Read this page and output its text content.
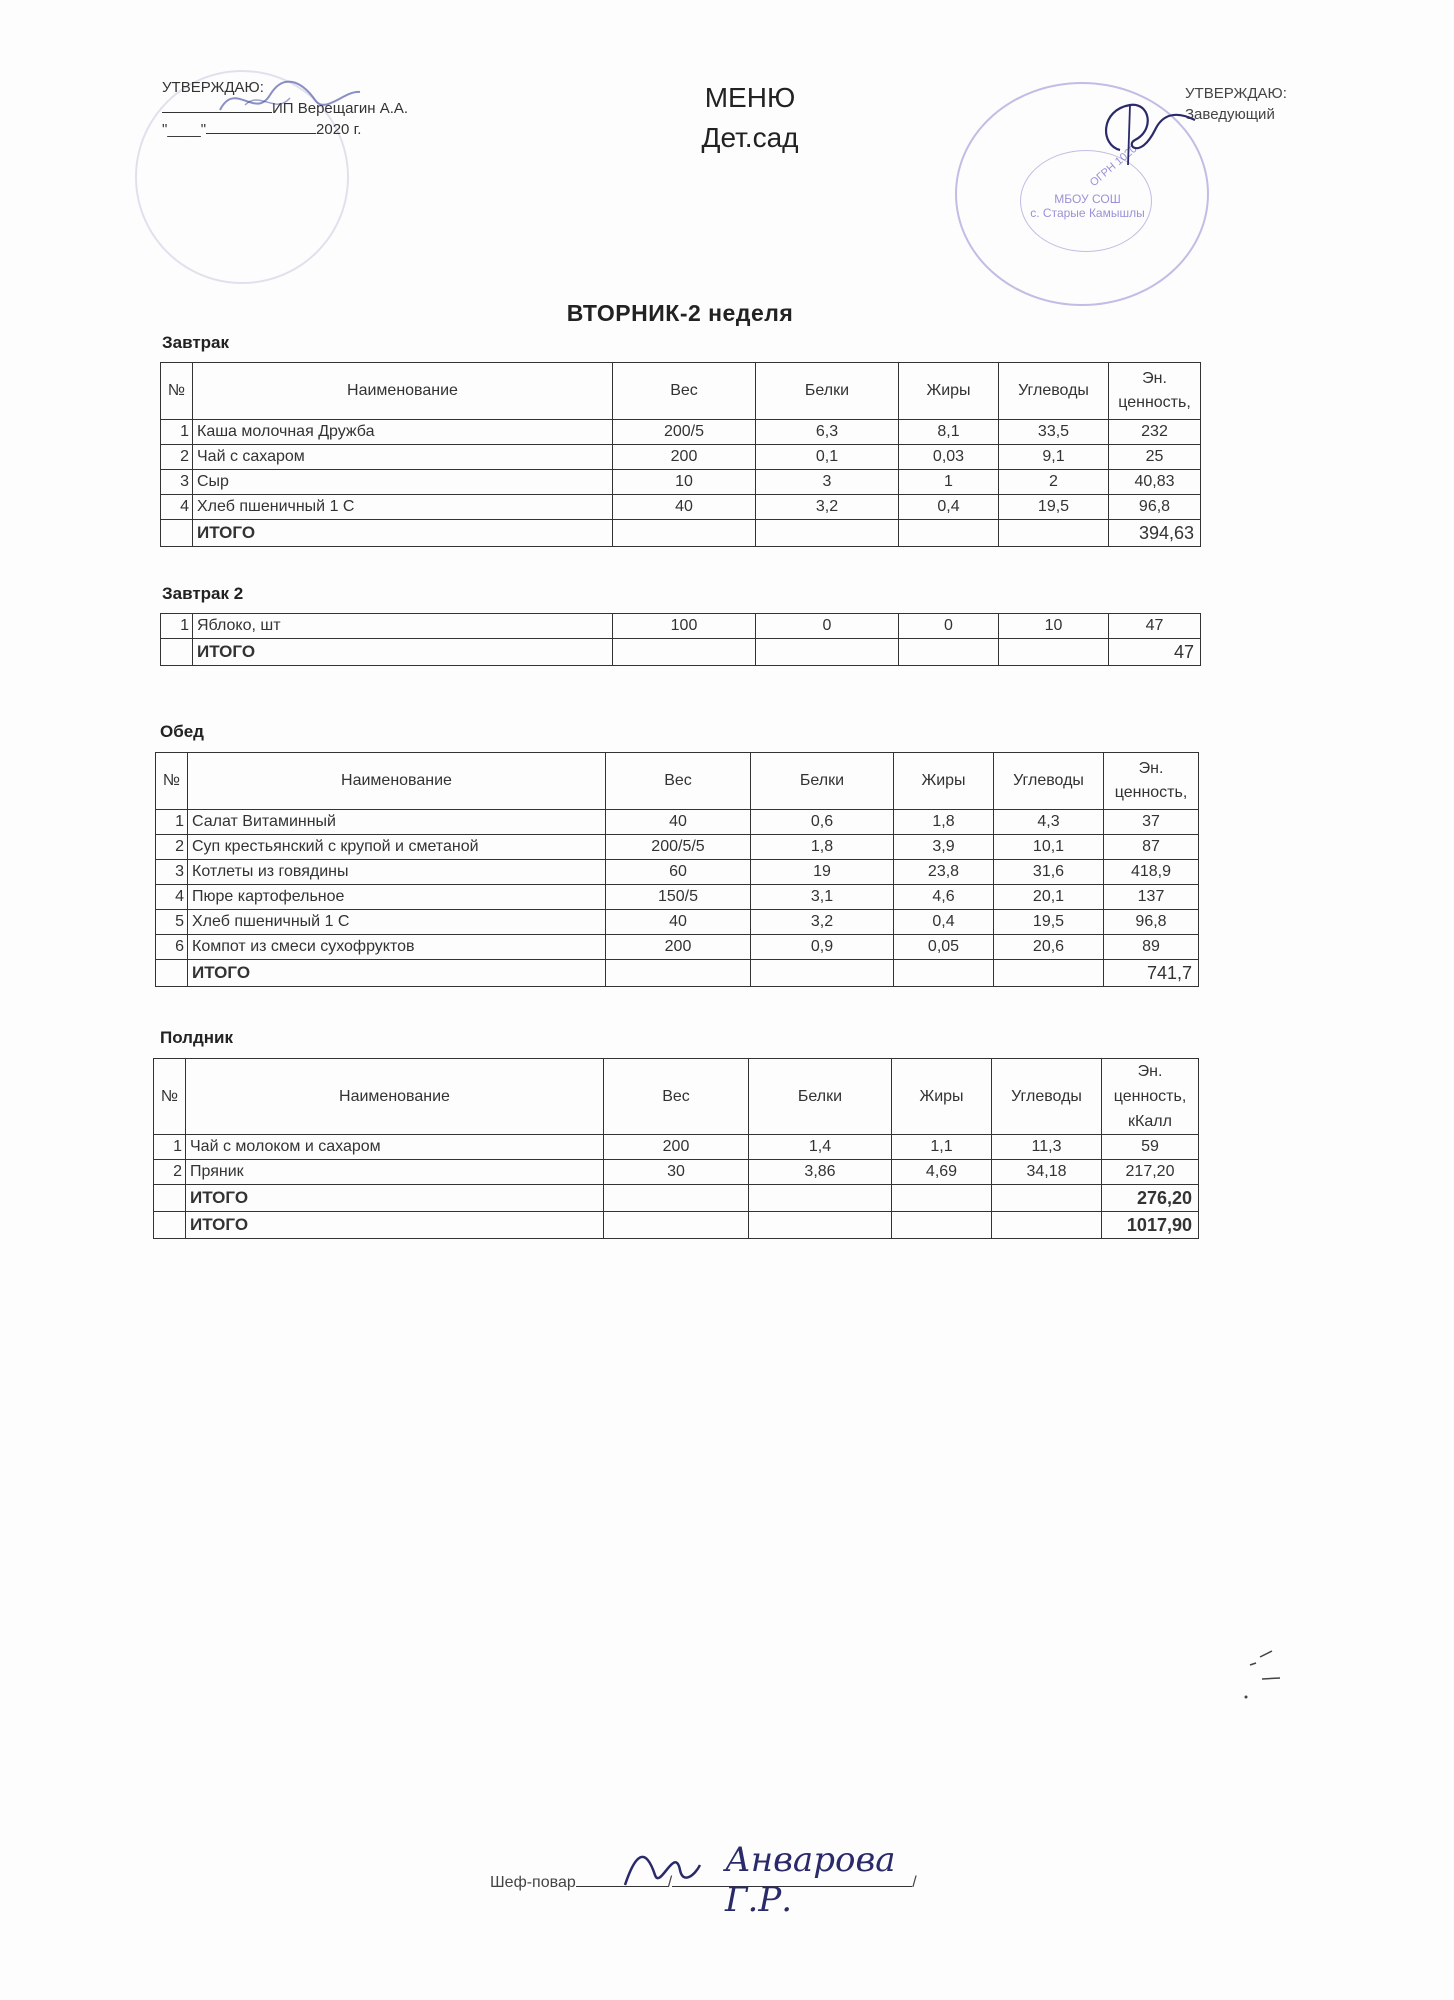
УТВЕРЖДАЮ:
ИП Верещагин А.А.
"____"	2020 г.
МЕНЮ
Дет.сад
МБОУ СОШ
с. Старые Камышлы
ОГРН 1020
УТВЕРЖДАЮ:
Заведующий
ВТОРНИК-2 неделя
Завтрак
№	Наименование	Вес	Белки	Жиры	Углеводы	Эн.
ценность,

1	Каша молочная Дружба	200/5	6,3	8,1	33,5	232
2	Чай с сахаром	200	0,1	0,03	9,1	25
3	Сыр	10	3	1	2	40,83
4	Хлеб пшеничный 1 С	40	3,2	0,4	19,5	96,8
	ИТОГО					394,63
Завтрак 2
1	Яблоко, шт	100	0	0	10	47
	ИТОГО					47
Обед
№	Наименование	Вес	Белки	Жиры	Углеводы	Эн.
ценность,

1	Салат Витаминный	40	0,6	1,8	4,3	37
2	Суп крестьянский с крупой и сметаной	200/5/5	1,8	3,9	10,1	87
3	Котлеты из говядины	60	19	23,8	31,6	418,9
4	Пюре картофельное	150/5	3,1	4,6	20,1	137
5	Хлеб пшеничный 1 С	40	3,2	0,4	19,5	96,8
6	Компот из смеси сухофруктов	200	0,9	0,05	20,6	89
	ИТОГО					741,7
Полдник
№	Наименование	Вес	Белки	Жиры	Углеводы	Эн.
ценность,
кКалл

1	Чай с молоком и сахаром	200	1,4	1,1	11,3	59
2	Пряник	30	3,86	4,69	34,18	217,20
	ИТОГО					276,20
	ИТОГО					1017,90
Шеф-повар	/	/
Анварова Г.Р.
